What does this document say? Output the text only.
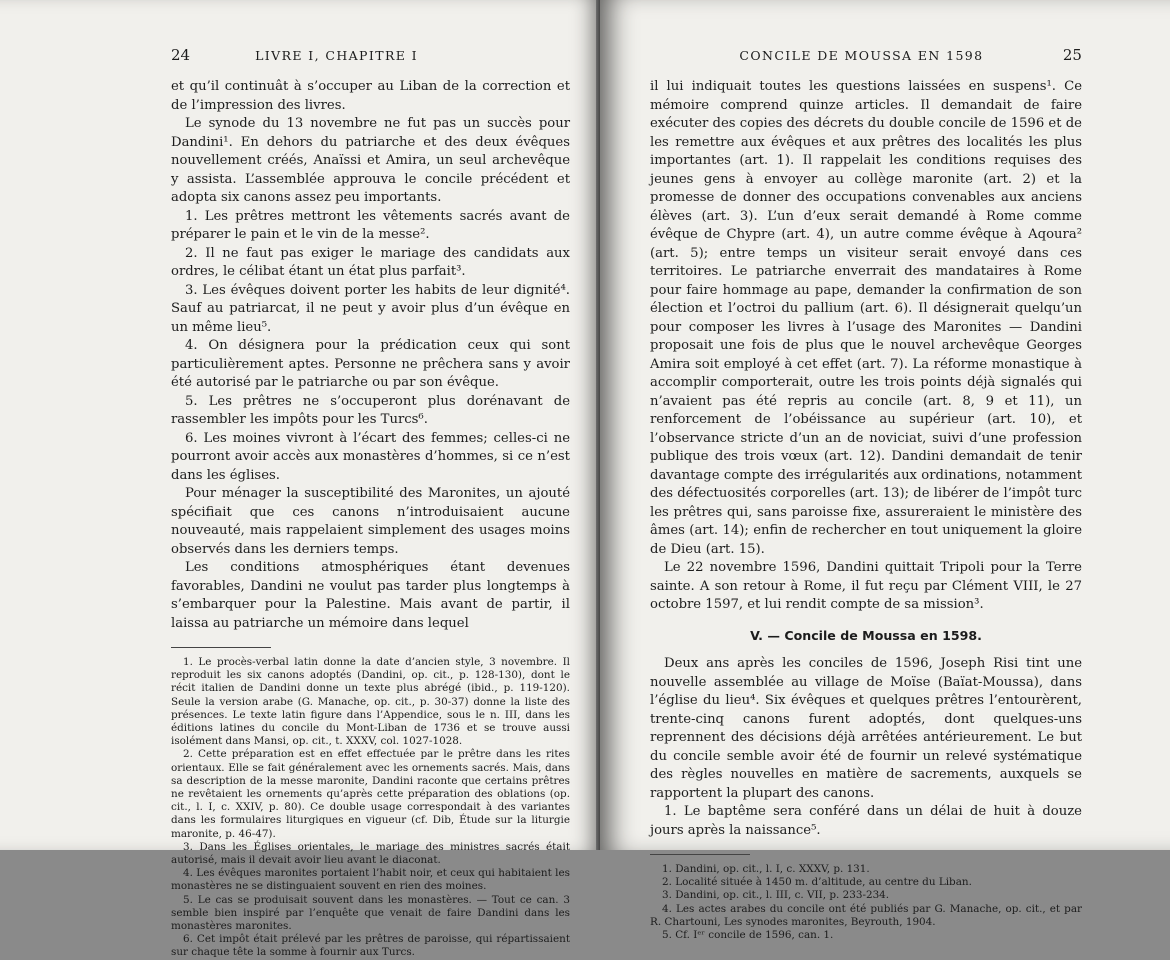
24	LIVRE I, CHAPITRE I

et qu’il continuât à s’occuper au Liban de la correction et de l’impression des livres.

Le synode du 13 novembre ne fut pas un succès pour Dandini¹. En dehors du patriarche et des deux évêques nouvellement créés, Anaïssi et Amira, un seul archevêque y assista. L’assemblée approuva le concile précédent et adopta six canons assez peu importants.

1. Les prêtres mettront les vêtements sacrés avant de préparer le pain et le vin de la messe².

2. Il ne faut pas exiger le mariage des candidats aux ordres, le célibat étant un état plus parfait³.

3. Les évêques doivent porter les habits de leur dignité⁴. Sauf au patriarcat, il ne peut y avoir plus d’un évêque en un même lieu⁵.

4. On désignera pour la prédication ceux qui sont particulièrement aptes. Personne ne prêchera sans y avoir été autorisé par le patriarche ou par son évêque.

5. Les prêtres ne s’occuperont plus dorénavant de rassembler les impôts pour les Turcs⁶.

6. Les moines vivront à l’écart des femmes; celles-ci ne pourront avoir accès aux monastères d’hommes, si ce n’est dans les églises.

Pour ménager la susceptibilité des Maronites, un ajouté spécifiait que ces canons n’introduisaient aucune nouveauté, mais rappelaient simplement des usages moins observés dans les derniers temps.

Les conditions atmosphériques étant devenues favorables, Dandini ne voulut pas tarder plus longtemps à s’embarquer pour la Palestine. Mais avant de partir, il laissa au patriarche un mémoire dans lequel

1. Le procès-verbal latin donne la date d’ancien style, 3 novembre. Il reproduit les six canons adoptés (Dandini, op. cit., p. 128-130), dont le récit italien de Dandini donne un texte plus abrégé (ibid., p. 119-120). Seule la version arabe (G. Manache, op. cit., p. 30-37) donne la liste des présences. Le texte latin figure dans l’Appendice, sous le n. III, dans les éditions latines du concile du Mont-Liban de 1736 et se trouve aussi isolément dans Mansi, op. cit., t. XXXV, col. 1027-1028.

2. Cette préparation est en effet effectuée par le prêtre dans les rites orientaux. Elle se fait généralement avec les ornements sacrés. Mais, dans sa description de la messe maronite, Dandini raconte que certains prêtres ne revêtaient les ornements qu’après cette préparation des oblations (op. cit., l. I, c. XXIV, p. 80). Ce double usage correspondait à des variantes dans les formulaires liturgiques en vigueur (cf. Dib, Étude sur la liturgie maronite, p. 46-47).

3. Dans les Églises orientales, le mariage des ministres sacrés était autorisé, mais il devait avoir lieu avant le diaconat.

4. Les évêques maronites portaient l’habit noir, et ceux qui habitaient les monastères ne se distinguaient souvent en rien des moines.

5. Le cas se produisait souvent dans les monastères. — Tout ce can. 3 semble bien inspiré par l’enquête que venait de faire Dandini dans les monastères maronites.

6. Cet impôt était prélevé par les prêtres de paroisse, qui répartissaient sur chaque tête la somme à fournir aux Turcs.

CONCILE DE MOUSSA EN 1598	25

il lui indiquait toutes les questions laissées en suspens¹. Ce mémoire comprend quinze articles. Il demandait de faire exécuter des copies des décrets du double concile de 1596 et de les remettre aux évêques et aux prêtres des localités les plus importantes (art. 1). Il rappelait les conditions requises des jeunes gens à envoyer au collège maronite (art. 2) et la promesse de donner des occupations convenables aux anciens élèves (art. 3). L’un d’eux serait demandé à Rome comme évêque de Chypre (art. 4), un autre comme évêque à Aqoura² (art. 5); entre temps un visiteur serait envoyé dans ces territoires. Le patriarche enverrait des mandataires à Rome pour faire hommage au pape, demander la confirmation de son élection et l’octroi du pallium (art. 6). Il désignerait quelqu’un pour composer les livres à l’usage des Maronites — Dandini proposait une fois de plus que le nouvel archevêque Georges Amira soit employé à cet effet (art. 7). La réforme monastique à accomplir comporterait, outre les trois points déjà signalés qui n’avaient pas été repris au concile (art. 8, 9 et 11), un renforcement de l’obéissance au supérieur (art. 10), et l’observance stricte d’un an de noviciat, suivi d’une profession publique des trois vœux (art. 12). Dandini demandait de tenir davantage compte des irrégularités aux ordinations, notamment des défectuosités corporelles (art. 13); de libérer de l’impôt turc les prêtres qui, sans paroisse fixe, assureraient le ministère des âmes (art. 14); enfin de rechercher en tout uniquement la gloire de Dieu (art. 15).

Le 22 novembre 1596, Dandini quittait Tripoli pour la Terre sainte. A son retour à Rome, il fut reçu par Clément VIII, le 27 octobre 1597, et lui rendit compte de sa mission³.

V. — Concile de Moussa en 1598.

Deux ans après les conciles de 1596, Joseph Risi tint une nouvelle assemblée au village de Moïse (Baïat-Moussa), dans l’église du lieu⁴. Six évêques et quelques prêtres l’entourèrent, trente-cinq canons furent adoptés, dont quelques-uns reprennent des décisions déjà arrêtées antérieurement. Le but du concile semble avoir été de fournir un relevé systématique des règles nouvelles en matière de sacrements, auxquels se rapportent la plupart des canons.

1. Le baptême sera conféré dans un délai de huit à douze jours après la naissance⁵.

1. Dandini, op. cit., l. I, c. XXXV, p. 131.

2. Localité située à 1450 m. d’altitude, au centre du Liban.

3. Dandini, op. cit., l. III, c. VII, p. 233-234.

4. Les actes arabes du concile ont été publiés par G. Manache, op. cit., et par R. Chartouni, Les synodes maronites, Beyrouth, 1904.

5. Cf. Iᵉʳ concile de 1596, can. 1.
